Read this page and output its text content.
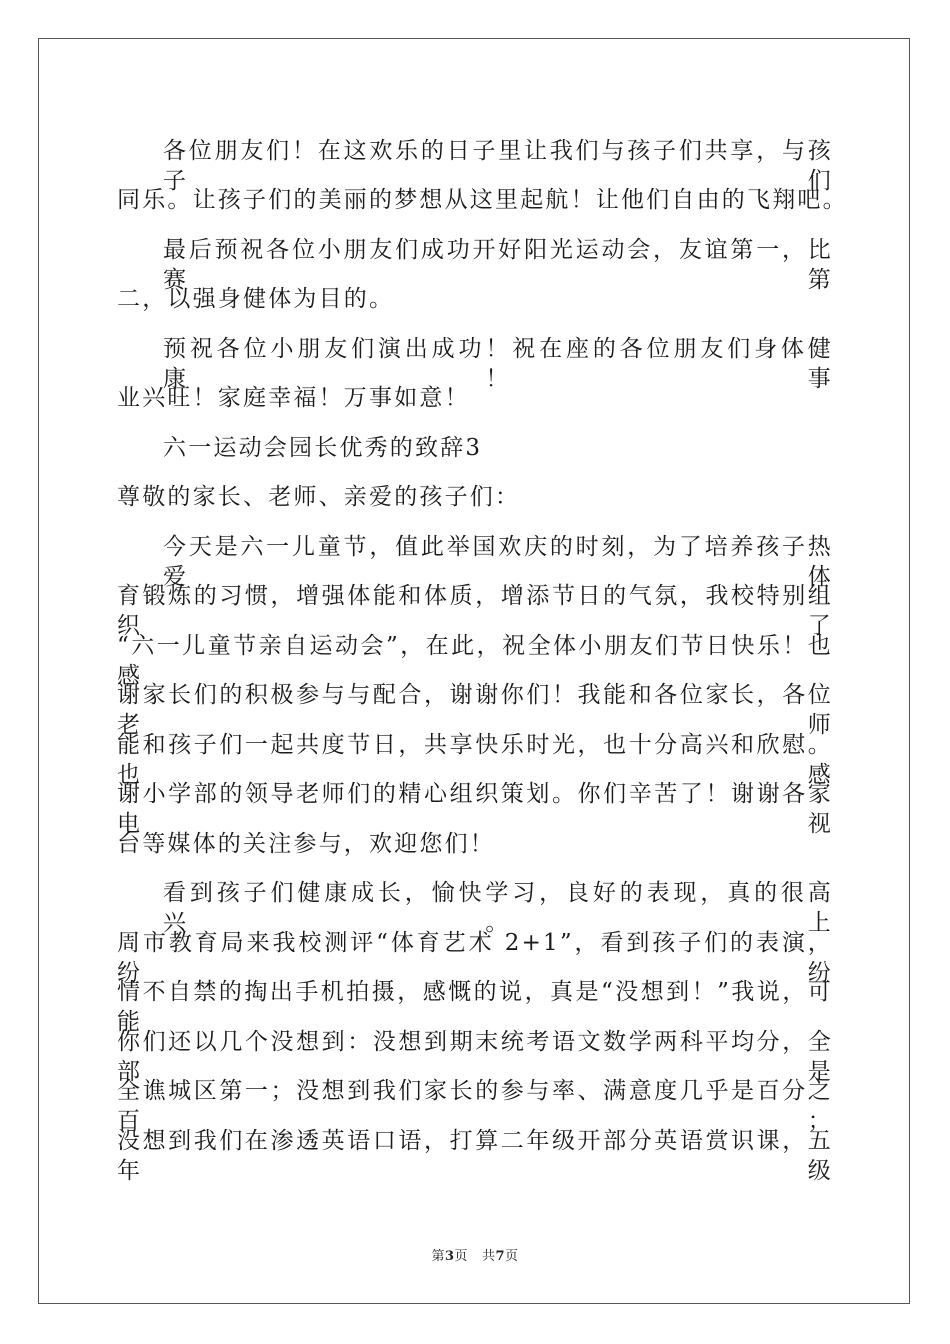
各位朋友们！在这欢乐的日子里让我们与孩子们共享，与孩子们
同乐。让孩子们的美丽的梦想从这里起航！让他们自由的飞翔吧。
最后预祝各位小朋友们成功开好阳光运动会，友谊第一，比赛第
二，以强身健体为目的。
预祝各位小朋友们演出成功！祝在座的各位朋友们身体健康！事
业兴旺！家庭幸福！万事如意！
六一运动会园长优秀的致辞3
尊敬的家长、老师、亲爱的孩子们：
今天是六一儿童节，值此举国欢庆的时刻，为了培养孩子热爱体
育锻炼的习惯，增强体能和体质，增添节日的气氛，我校特别组织了
“六一儿童节亲自运动会”，在此，祝全体小朋友们节日快乐！也感
谢家长们的积极参与与配合，谢谢你们！我能和各位家长，各位老师
能和孩子们一起共度节日，共享快乐时光，也十分高兴和欣慰。也感
谢小学部的领导老师们的精心组织策划。你们辛苦了！谢谢各家电视
台等媒体的关注参与，欢迎您们！
看到孩子们健康成长，愉快学习，良好的表现，真的很高兴。上
周市教育局来我校测评“体育艺术 2+1”，看到孩子们的表演，纷纷
情不自禁的掏出手机拍摄，感慨的说，真是“没想到！”我说，可能
你们还以几个没想到：没想到期末统考语文数学两科平均分，全部是
全谯城区第一；没想到我们家长的参与率、满意度几乎是百分之百；
没想到我们在渗透英语口语，打算二年级开部分英语赏识课，五年级
第3页   共7页
